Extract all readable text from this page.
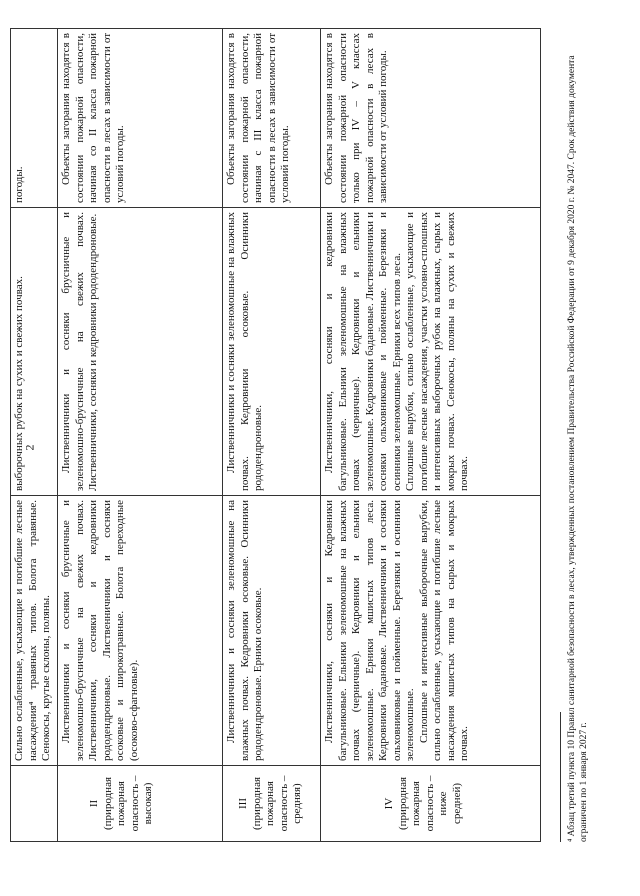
2

Сильно ослабленные, усыхающие и погибшие лесные насаждения⁴ травяных типов. Болота травяные. Сенокосы, крутые склоны, поляны.

выборочных рубок на сухих и свежих почвах.

погоды.

II (природная пожарная опасность – высокая)

Лиственничники и сосняки брусничные и зеленомошно-брусничные на свежих почвах. Лиственничники, сосняки и кедровники рододендроновые. Лиственничники и сосняки осоковые и широкотравные. Болота переходные (осоково-сфагновые).

Лиственничники и сосняки брусничные и зеленомошно-брусничные на свежих почвах. Лиственничники, сосняки и кедровники рододендроновые.

Объекты загорания находятся в состоянии пожарной опасности, начиная со II класса пожарной опасности в лесах в зависимости от условий погоды.

III (природная пожарная опасность – средняя)

Лиственничники и сосняки зеленомошные на влажных почвах. Кедровники осоковые. Осинники рододендроновые. Ерники осоковые.

Лиственничники и сосняки зеленомошные на влажных почвах. Кедровники осоковые. Осинники рододендроновые.

Объекты загорания находятся в состоянии пожарной опасности, начиная с III класса пожарной опасности в лесах в зависимости от условий погоды.

IV (природная пожарная опасность – ниже средней)

Лиственничники, сосняки и Кедровники багульниковые. Ельники зеленомошные на влажных почвах (черничные). Кедровники и ельники зеленомошные. Ерники мшистых типов леса. Кедровники бадановые. Лиственничники и сосняки ольховниковые и пойменные. Березняки и осинники зеленомошные. Сплошные и интенсивные выборочные вырубки, сильно ослабленные, усыхающие и погибшие лесные насаждения мшистых типов на сырых и мокрых почвах.

Лиственничники, сосняки и кедровники багульниковые. Ельники зеленомошные на влажных почвах (черничные). Кедровники и ельники зеленомошные. Кедровники бадановые. Лиственничники и сосняки ольховниковые и пойменные. Березняки и осинники зеленомошные. Ерники всех типов леса. Сплошные вырубки, сильно ослабленные, усыхающие и погибшие лесные насаждения, участки условно-сплошных и интенсивных выборочных рубок на влажных, сырых и мокрых почвах. Сенокосы, поляны на сухих и свежих почвах.

Объекты загорания находятся в состоянии пожарной опасности только при IV – V классах пожарной опасности в лесах в зависимости от условий погоды.	⁴ Абзац третий пункта 10 Правил санитарной безопасности в лесах, утвержденных постановлением Правительства Российской Федерации от 9 декабря 2020 г. № 2047. Срок действия документа ограничен по 1 января 2027 г.
